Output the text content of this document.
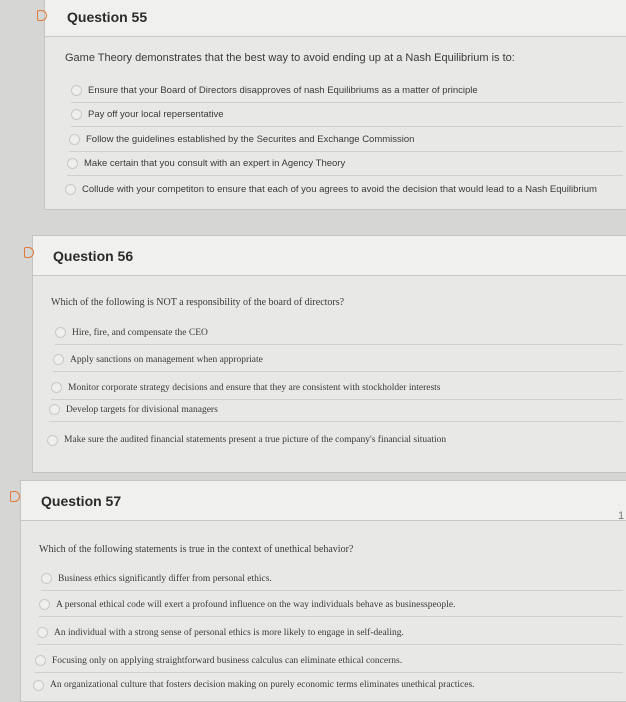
Question 55
Game Theory demonstrates that the best way to avoid ending up at a Nash Equilibrium is to:
Ensure that your Board of Directors disapproves of nash Equilibriums as a matter of principle
Pay off your local repersentative
Follow the guidelines established by the Securites and Exchange Commission
Make certain that you consult with an expert in Agency Theory
Collude with your competiton to ensure that each of you agrees to avoid the decision that would lead to a Nash Equilibrium
Question 56
Which of the following is NOT a responsibility of the board of directors?
Hire, fire, and compensate the CEO
Apply sanctions on management when appropriate
Monitor corporate strategy decisions and ensure that they are consistent with stockholder interests
Develop targets for divisional managers
Make sure the audited financial statements present a true picture of the company's financial situation
Question 57
Which of the following statements is true in the context of unethical behavior?
Business ethics significantly differ from personal ethics.
A personal ethical code will exert a profound influence on the way individuals behave as businesspeople.
An individual with a strong sense of personal ethics is more likely to engage in self-dealing.
Focusing only on applying straightforward business calculus can eliminate ethical concerns.
An organizational culture that fosters decision making on purely economic terms eliminates unethical practices.
1
